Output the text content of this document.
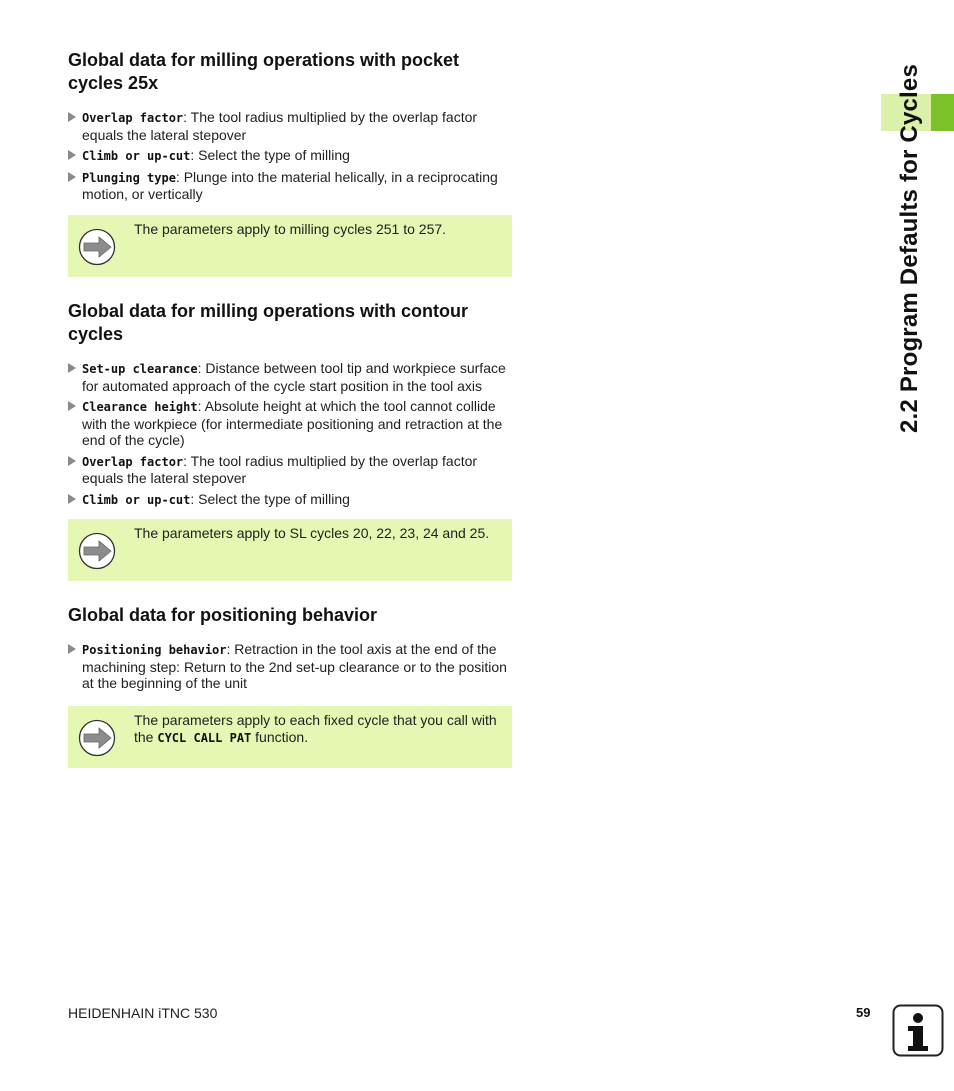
2.2 Program Defaults for Cycles
Global data for milling operations with pocket
cycles 25x
Overlap factor: The tool radius multiplied by the overlap factor equals the lateral stepover
Climb or up-cut: Select the type of milling
Plunging type: Plunge into the material helically, in a reciprocating motion, or vertically
The parameters apply to milling cycles 251 to 257.
Global data for milling operations with contour
cycles
Set-up clearance: Distance between tool tip and workpiece surface for automated approach of the cycle start position in the tool axis
Clearance height: Absolute height at which the tool cannot collide with the workpiece (for intermediate positioning and retraction at the end of the cycle)
Overlap factor: The tool radius multiplied by the overlap factor equals the lateral stepover
Climb or up-cut: Select the type of milling
The parameters apply to SL cycles 20, 22, 23, 24 and 25.
Global data for positioning behavior
Positioning behavior: Retraction in the tool axis at the end of the machining step: Return to the 2nd set-up clearance or to the position at the beginning of the unit
The parameters apply to each fixed cycle that you call with the CYCL CALL PAT function.
HEIDENHAIN iTNC 530	59
